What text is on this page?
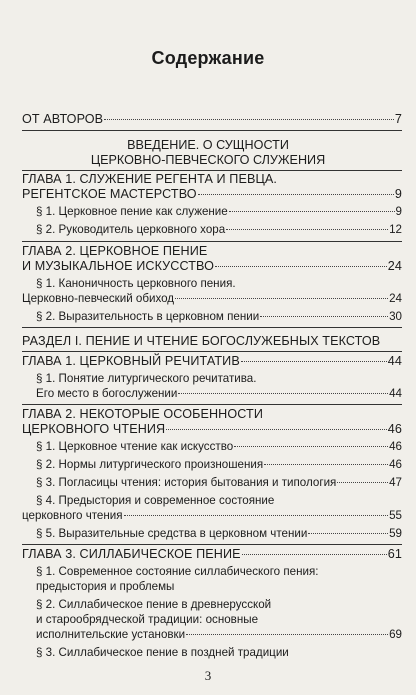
Содержание
ОТ АВТОРОВ	7
ВВЕДЕНИЕ. О СУЩНОСТИ
ЦЕРКОВНО-ПЕВЧЕСКОГО СЛУЖЕНИЯ
ГЛАВА 1. СЛУЖЕНИЕ РЕГЕНТА И ПЕВЦА.
РЕГЕНТСКОЕ МАСТЕРСТВО	9
§ 1. Церковное пение как служение	9
§ 2. Руководитель церковного хора	12
ГЛАВА 2. ЦЕРКОВНОЕ ПЕНИЕ
И МУЗЫКАЛЬНОЕ ИСКУССТВО	24
§ 1. Каноничность церковного пения.
Церковно-певческий обиход	24
§ 2. Выразительность в церковном пении	30
РАЗДЕЛ I. ПЕНИЕ И ЧТЕНИЕ БОГОСЛУЖЕБНЫХ ТЕКСТОВ
ГЛАВА 1. ЦЕРКОВНЫЙ РЕЧИТАТИВ	44
§ 1. Понятие литургического речитатива.
Его место в богослужении	44
ГЛАВА 2. НЕКОТОРЫЕ ОСОБЕННОСТИ
ЦЕРКОВНОГО ЧТЕНИЯ	46
§ 1. Церковное чтение как искусство	46
§ 2. Нормы литургического произношения	46
§ 3. Погласицы чтения: история бытования и типология	47
§ 4. Предыстория и современное состояние
церковного чтения	55
§ 5. Выразительные средства в церковном чтении	59
ГЛАВА 3. СИЛЛАБИЧЕСКОЕ ПЕНИЕ	61
§ 1. Современное состояние силлабического пения:
предыстория и проблемы
§ 2. Силлабическое пение в древнерусской
и старообрядческой традиции: основные
исполнительские установки	69
§ 3. Силлабическое пение в поздней традиции
3
